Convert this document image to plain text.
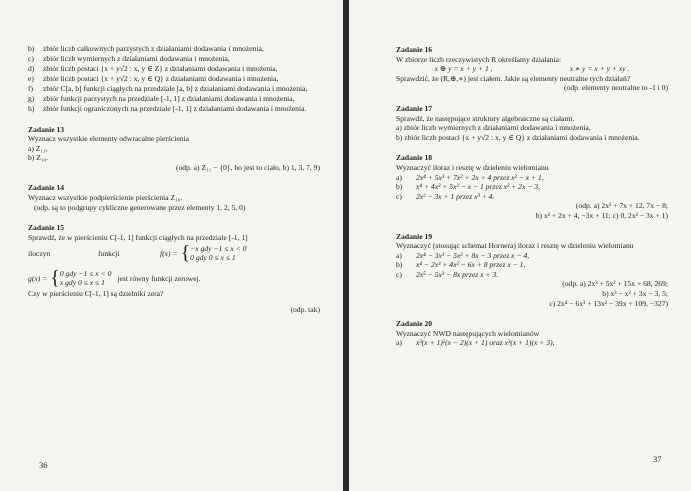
b)	zbiór liczb całkowitych parzystych z działaniami dodawania i mnożenia,
c)	zbiór liczb wymiernych z działaniami dodawania i mnożenia,
d)	zbiór liczb postaci {x + y√2 : x, y ∈ Z} z działaniami dodawania i mnożenia,
e)	zbiór liczb postaci {x + y√2 : x, y ∈ Q} z działaniami dodawania i mnożenia,
f)	zbiór C[a, b] funkcji ciągłych na przedziale [a, b] z działaniami dodawania i mnożenia,
g)	zbiór funkcji parzystych na przedziale [-1, 1] z działaniami dodawania i mnożenia,
h)	zbiór funkcji ograniczonych na przedziale [-1, 1] z działaniami dodawania i mnożenia.
Zadanie 13
Wyznacz wszystkie elementy odwracalne pierścienia
a) Z₁₁,
b) Z₁₀.
(odp. a) Z₁₁ − {0}, bo jest to ciało, b) 1, 3, 7, 9)
Zadanie 14
Wyznacz wszystkie podpierścienie pierścienia Z₁₀.
(odp. są to podgrupy cykliczne generowane przez elementy 1, 2, 5, 0)
Zadanie 15
Sprawdź, że w pierścieniu C[-1, 1] funkcji ciągłych na przedziale [-1, 1]
iloczyn	funkcji	f(x) = { −x gdy −1 ≤ x < 0
0 gdy 0 ≤ x ≤ 1
g(x) = { 0 gdy −1 ≤ x < 0
x gdy 0 ≤ x ≤ 1
jest równy funkcji zerowej.
Czy w pierścieniu C[-1, 1] są dzielniki zera?
(odp. tak)
36
Zadanie 16
W zbiorze liczb rzeczywistych R określamy działania:
x ⊕ y = x + y + 1 ,	x ∗ y = x + y + xy .
Sprawdzić, że (R,⊕,∗) jest ciałem. Jakie są elementy neutralne tych działań?
(odp. elementy neutralne to -1 i 0)
Zadanie 17
Sprawdź, że następujące struktury algebraiczne są ciałami.
a) zbiór liczb wymiernych z działaniami dodawania i mnożenia,
b) zbiór liczb postaci {x + y√2 : x, y ∈ Q} z działaniami dodawania i mnożenia.
Zadanie 18
Wyznaczyć iloraz i resztę w dzieleniu wielomianu
a)	2x⁴ + 5x³ + 7x² + 2x + 4 przez x² − x + 1,
b)	x⁴ + 4x³ + 5x² − x − 1 przez x² + 2x − 3,
c)	2x² − 3x + 1 przez x³ + 4.
(odp. a) 2x² + 7x + 12, 7x − 8;
b) x² + 2x + 4, −3x + 11; c) 0, 2x² − 3x + 1)
Zadanie 19
Wyznaczyć (stosując schemat Hornera) iloraz i resztę w dzieleniu wielomianu
a)	2x⁴ − 3x³ − 5x² + 8x − 3 przez x − 4,
b)	x⁴ − 2x³ + 4x² − 6x + 8 przez x − 1,
c)	2x⁵ − 5x³ − 8x przez x + 3.
(odp. a) 2x³ + 5x² + 15x + 68, 269;
b) x³ − x² + 3x − 3, 5;
c) 2x⁴ − 6x³ + 13x² − 39x + 109, −327)
Zadanie 20
Wyznaczyć NWD następujących wielomianów
a)	x³(x + 1)²(x − 2)(x + 1) oraz x³(x + 1)(x + 3),
37
